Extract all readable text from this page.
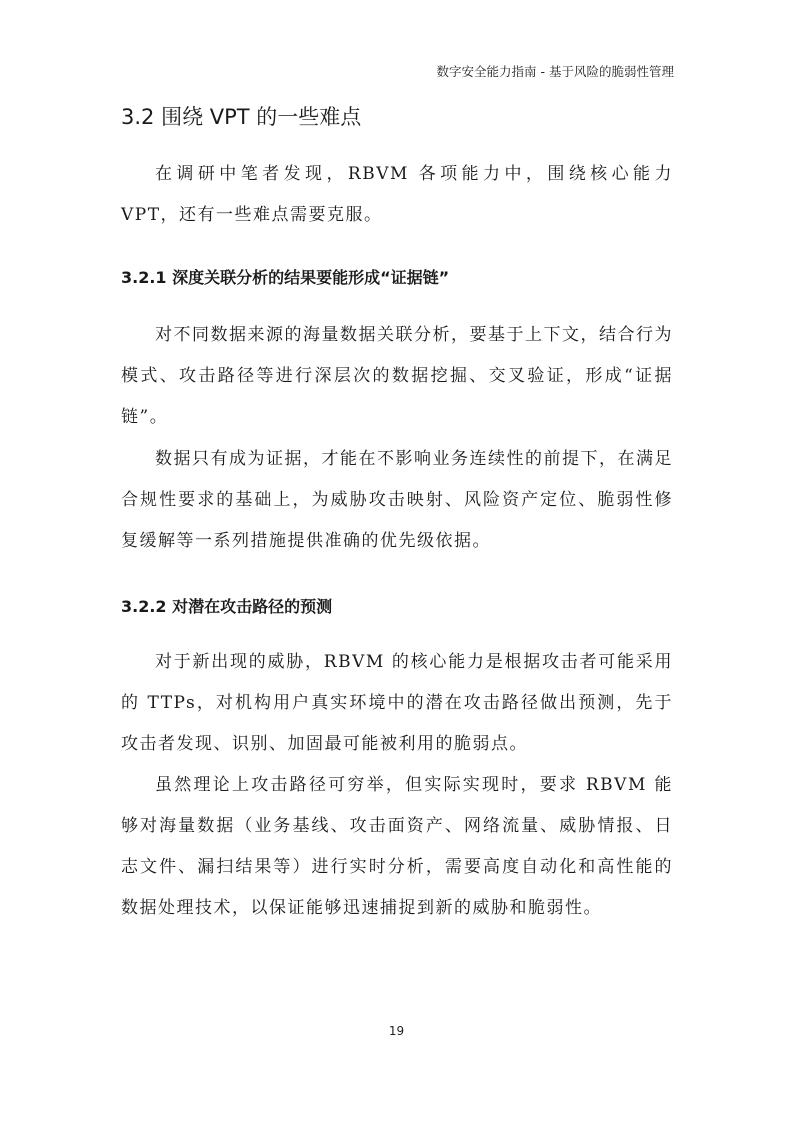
数字安全能力指南 - 基于风险的脆弱性管理
3.2 围绕 VPT 的一些难点

在调研中笔者发现，RBVM 各项能力中，围绕核心能力 VPT，还有一些难点需要克服。

3.2.1 深度关联分析的结果要能形成“证据链”

对不同数据来源的海量数据关联分析，要基于上下文，结合行为模式、攻击路径等进行深层次的数据挖掘、交叉验证，形成“证据链”。

数据只有成为证据，才能在不影响业务连续性的前提下，在满足合规性要求的基础上，为威胁攻击映射、风险资产定位、脆弱性修复缓解等一系列措施提供准确的优先级依据。

3.2.2 对潜在攻击路径的预测

对于新出现的威胁，RBVM 的核心能力是根据攻击者可能采用的 TTPs，对机构用户真实环境中的潜在攻击路径做出预测，先于攻击者发现、识别、加固最可能被利用的脆弱点。

虽然理论上攻击路径可穷举，但实际实现时，要求 RBVM 能够对海量数据（业务基线、攻击面资产、网络流量、威胁情报、日志文件、漏扫结果等）进行实时分析，需要高度自动化和高性能的数据处理技术，以保证能够迅速捕捉到新的威胁和脆弱性。

19
